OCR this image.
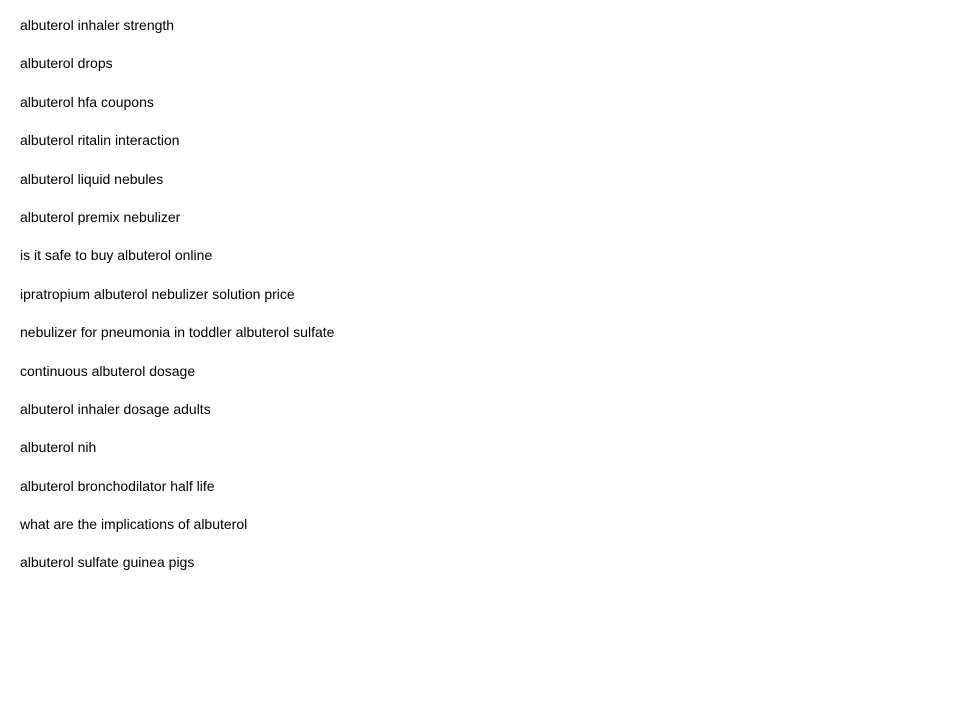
albuterol inhaler strength
albuterol drops
albuterol hfa coupons
albuterol ritalin interaction
albuterol liquid nebules
albuterol premix nebulizer
is it safe to buy albuterol online
ipratropium albuterol nebulizer solution price
nebulizer for pneumonia in toddler albuterol sulfate
continuous albuterol dosage
albuterol inhaler dosage adults
albuterol nih
albuterol bronchodilator half life
what are the implications of albuterol
albuterol sulfate guinea pigs
